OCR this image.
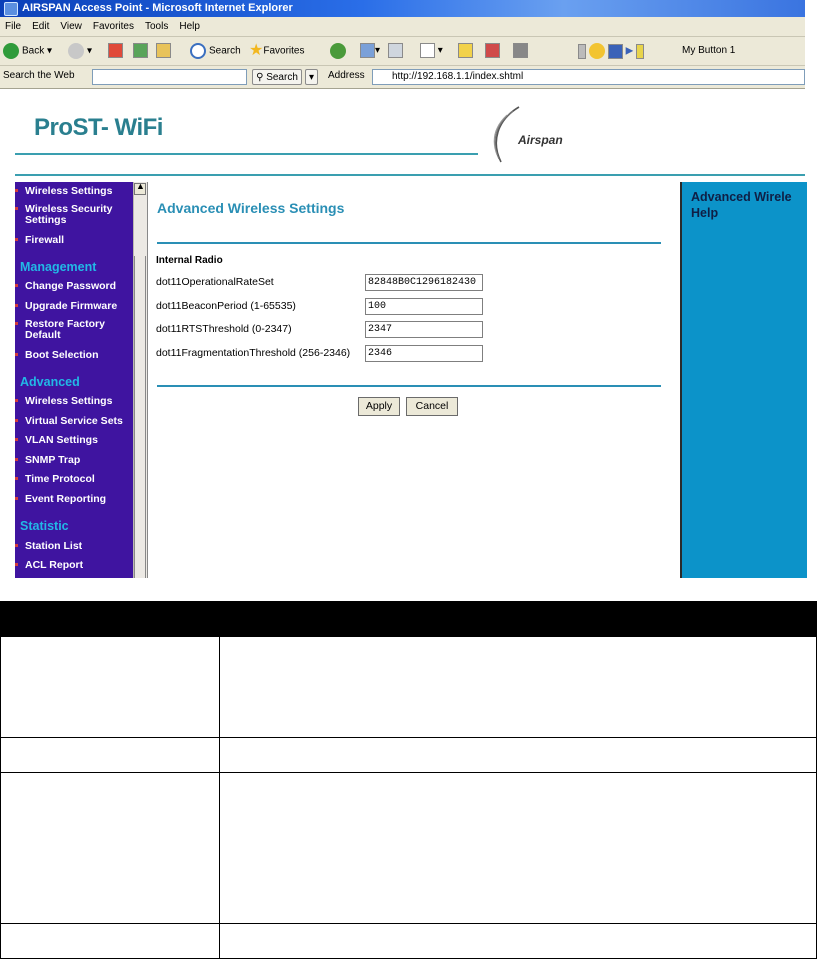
AIRSPAN Access Point - Microsoft Internet Explorer
File Edit View Favorites Tools Help
Back ▾	▾	Search ★Favorites	▾	▾	▶	My Button 1
Search the Web	⚲ Search	▾	Address	http://192.168.1.1/index.shtml
ProST- WiFi	Airspan
Wireless Settings
Wireless Security Settings
Firewall
Management
Change Password
Upgrade Firmware
Restore Factory Default
Boot Selection
Advanced
Wireless Settings
Virtual Service Sets
VLAN Settings
SNMP Trap
Time Protocol
Event Reporting
Statistic
Station List
ACL Report
▲
Advanced Wireless Settings
Internal Radio
dot11OperationalRateSet	82848B0C1296182430
dot11BeaconPeriod (1-65535)	100
dot11RTSThreshold (0-2347)	2347
dot11FragmentationThreshold (256-2346)	2346
Apply	Cancel
Advanced Wirele
Help
